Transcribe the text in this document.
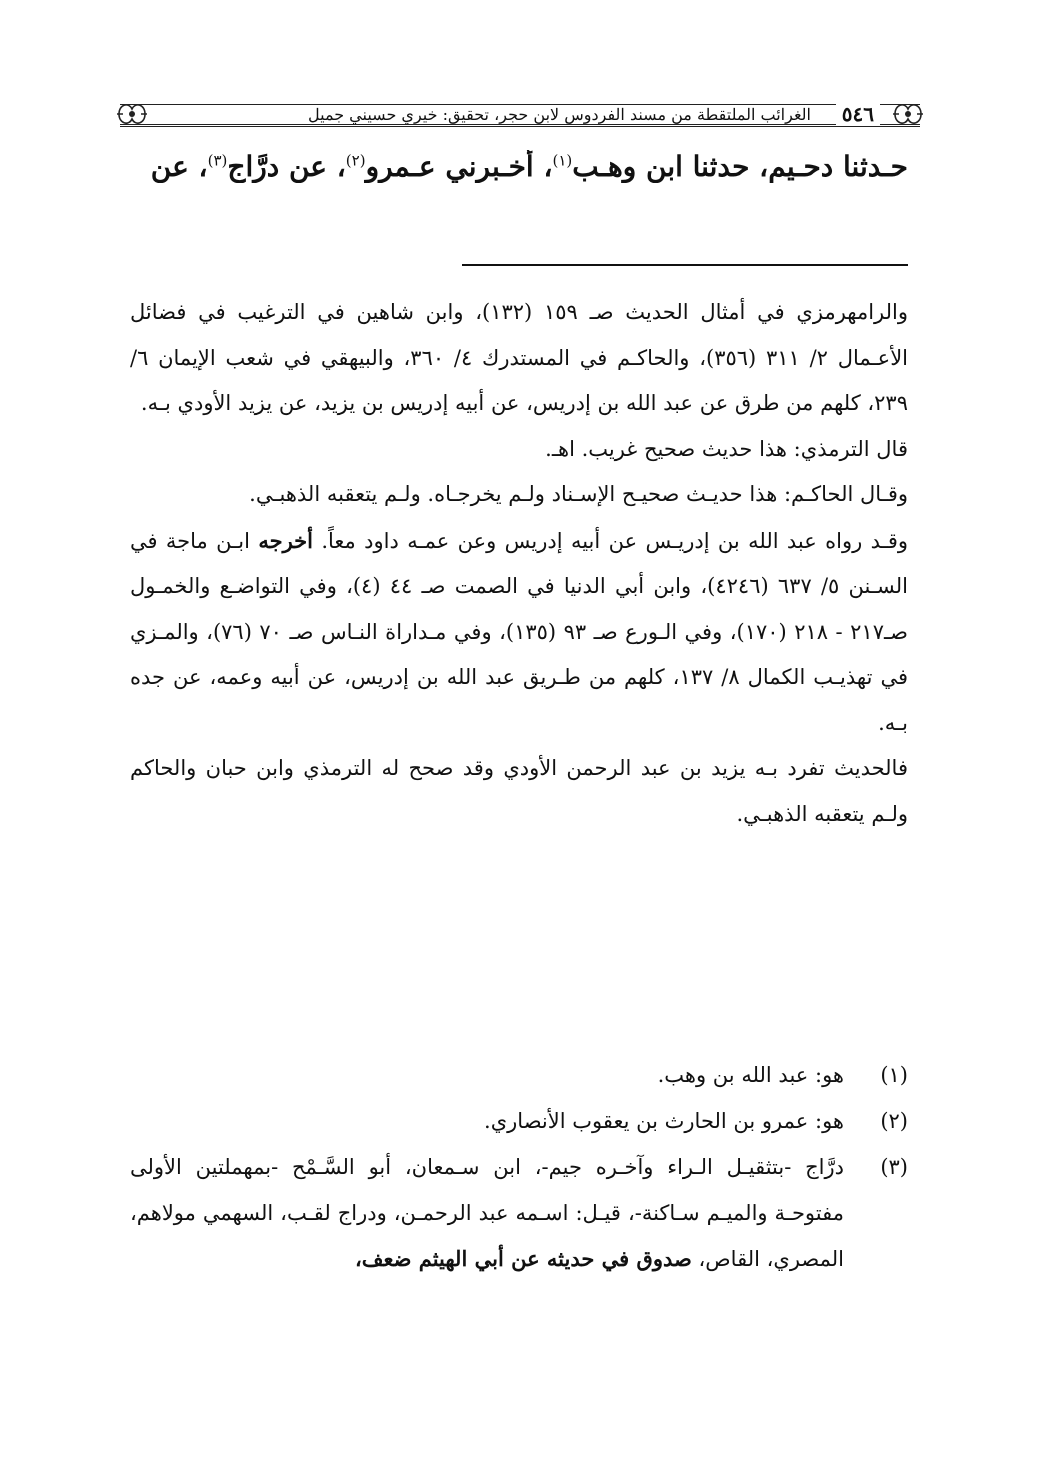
٥٤٦
الغرائب الملتقطة من مسند الفردوس لابن حجر، تحقيق: خيري حسيني جميل
حـدثنا دحـيم، حدثنا ابن وهـب$^{(١)}$، أخـبرني عـمرو$^{(٢)}$، عن درَّاج$^{(٣)}$، عن

والرامهرمزي في أمثال الحديث صـ ١٥٩ (١٣٢)، وابن شاهين في الترغيب في فضائل الأعـمال ٢/ ٣١١ (٣٥٦)، والحاكـم في المستدرك ٤/ ٣٦٠، والبيهقي في شعب الإيمان ٦/ ٢٣٩، كلهم من طرق عن عبد الله بن إدريس، عن أبيه إدريس بن يزيد، عن يزيد الأودي بـه.

قال الترمذي: هذا حديث صحيح غريب. اهـ.

وقـال الحاكـم: هذا حديـث صحيـح الإسـناد ولـم يخرجـاه. ولـم يتعقبه الذهبـي.

وقـد رواه عبد الله بن إدريـس عن أبيه إدريس وعن عمـه داود معاً. أخرجه ابـن ماجة في السـنن ٥/ ٦٣٧ (٤٢٤٦)، وابن أبي الدنيا في الصمت صـ ٤٤ (٤)، وفي التواضـع والخمـول صـ٢١٧ - ٢١٨ (١٧٠)، وفي الـورع صـ ٩٣ (١٣٥)، وفي مـداراة النـاس صـ ٧٠ (٧٦)، والمـزي في تهذيـب الكمال ٨/ ١٣٧، كلهم من طـريق عبد الله بن إدريس، عن أبيه وعمه، عن جده بـه.

فالحديث تفرد بـه يزيد بن عبد الرحمن الأودي وقد صحح له الترمذي وابن حبان والحاكم ولـم يتعقبه الذهبـي.

(١)
هو: عبد الله بن وهب.
(٢)
هو: عمرو بن الحارث بن يعقوب الأنصاري.
(٣)
درَّاج -بتثقيـل الـراء وآخـره جيم-، ابن سـمعان، أبو السَّـمْح -بمهملتين الأولى مفتوحـة والميـم سـاكنة-، قيـل: اسـمه عبد الرحمـن، ودراج لقـب، السهمي مولاهم، المصري، القاص، صدوق في حديثه عن أبي الهيثم ضعف،
